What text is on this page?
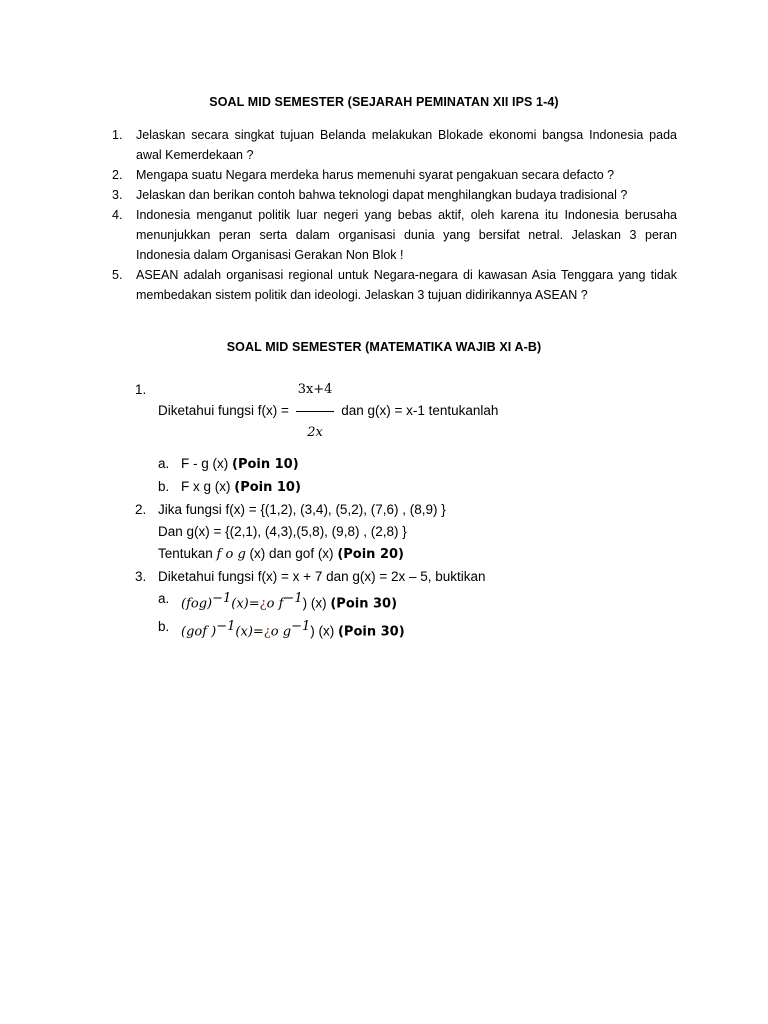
SOAL MID SEMESTER (SEJARAH PEMINATAN XII IPS 1-4)
1. Jelaskan secara singkat tujuan Belanda melakukan Blokade ekonomi bangsa Indonesia pada awal Kemerdekaan ?
2. Mengapa suatu Negara merdeka harus memenuhi syarat pengakuan secara defacto ?
3. Jelaskan dan berikan contoh bahwa teknologi dapat menghilangkan budaya tradisional ?
4. Indonesia menganut politik luar negeri yang bebas aktif, oleh karena itu Indonesia berusaha menunjukkan peran serta dalam organisasi dunia yang bersifat netral. Jelaskan 3 peran Indonesia dalam Organisasi Gerakan Non Blok !
5. ASEAN adalah organisasi regional untuk Negara-negara di kawasan Asia Tenggara yang tidak membedakan sistem politik dan ideologi. Jelaskan 3 tujuan didirikannya ASEAN ?
SOAL MID SEMESTER (MATEMATIKA WAJIB XI A-B)
1.
Diketahui fungsi $f(x) = \frac{3x+4}{2x}$ dan g(x) = x-1 tentukanlah
a. F - g (x) (Poin 10)
b. F x g (x) (Poin 10)
2. Jika fungsi f(x) = {(1,2), (3,4), (5,2), (7,6) , (8,9) }
Dan g(x) = {(2,1), (4,3),(5,8), (9,8) , (2,8) }
Tentukan f o g (x) dan gof (x) (Poin 20)
3. Diketahui fungsi f(x) = x + 7 dan g(x) = 2x – 5, buktikan
a. (fog)$^{-1}$(x)=¿o $f^{-1}$) (x) (Poin 30)
b. (gof )$^{-1}$(x)=¿o $g^{-1}$) (x) (Poin 30)
